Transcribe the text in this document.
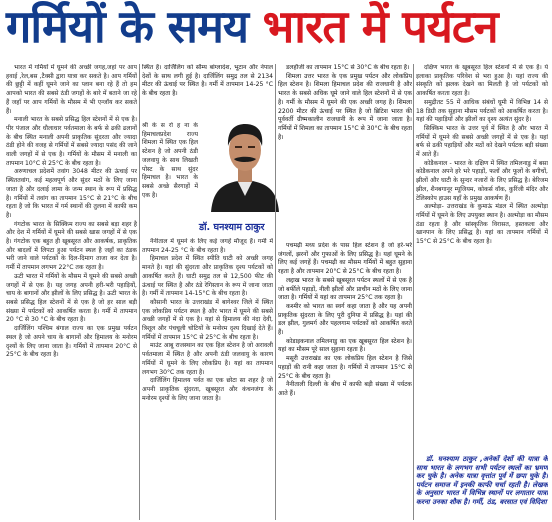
गर्मियों के समय भारत में पर्यटन

भारत में गर्मियों में घूमने की अच्छी जगह,जहां पर आप हवाई ,रेल,बस ,टैक्सी द्वारा यात्रा कर सकते है। आप गर्मियों की छुट्टी में कहीं घूमने जाने का प्लान बना रहे हैं तो हम आपको भारत की सबसे ठंडी जगहों के बारे में बताने जा रहे हैं जहाँ पर आप गर्मियों के मौसम में भी एन्जॉय कर सकते हैं।

मनाली भारत के सबसे प्रसिद्ध हिल स्टेशनों में से एक है। पीर पंजाल और धौलाधार पर्वतमाला के बर्फ से ढकी ढलानों के बीच स्थित मनाली अपनी प्राकृतिक सुंदरता और ज्यादा ठंडी होने की वजह से गर्मियों में सबसे ज्यादा पसंद की जाने वाली जगहों में से एक है। गर्मियों के मौसम में मनाली का तापमान 10°C से 25°C के बीच रहता है।

अरुणाचल प्रदेशमें तवांग 3048 मीटर की ऊंचाई पर स्थिततवांग, कई महत्वपूर्ण और सुंदर मठों के लिए जाना जाता है और दलाई लामा के जन्म स्थान के रूप में प्रसिद्ध है। गर्मियों में तवांग का तापमान 15°C से 21°C के बीच रहता है जो कि भारत में गर्म स्थानों की तुलना में काफी कम है।

गंगटोक भारत के सिक्किम राज्य का सबसे बड़ा शहर है और देश में गर्मियों में घूमने की सबसे खास जगहों में से एक है। गंगटोक एक बहुत ही खूबसूरत और आकर्षक, प्राकृतिक और बादलों में लिपटा हुआ पर्यटन स्थल है जहाँ का ठंडक भरी जाने वाले पर्यटकों के दिल-दिमाग ताजा कर देता है। गर्मी में तापमान लगभग 22°C तक रहता है।

ऊटी भारत में गर्मियों के मौसम में घूमने की सबसे अच्छी जगहों में से एक है। यह जगह अपनी हरी-भरी पहाड़ियों, चाय के बागानों और झीलों के लिए प्रसिद्ध है। ऊटी भारत के सबसे प्रसिद्ध हिल स्टेशनों में से एक है जो हर साल बड़ी संख्या में पर्यटकों को आकर्षित करता है। गर्मी में तापमान 20 °C से 30 °C के बीच रहता है।

दार्जिलिंग पश्चिम बंगाल राज्य का एक प्रमुख पर्यटन स्थल है जो अपने चाय के बागानों और हिमालय के मनोरम दृश्यों के लिए जाना जाता है। गर्मियों में तापमान 20°C से 25°C के बीच रहता है।

स्थित है। दार्जिलिंग को सौम्य बांग्लादेश, भूटान और नेपाल देशों के साथ लगी हुई है। दार्जिलिंग समुद्र तल से 2134 मीटर की ऊंचाई पर स्थित है। गर्मी में तापमान 14-25 °C के बीच रहता है।

श्री के स रो ह ना के हिमाचलप्रदेश राज्य शिमला में स्थित एक हिल स्टेशन है जो अपनी ठंडी जलवायु के साथ लिखती पोस्ट के साथ सुंदर हिमाचल है। भारत के सबसे अच्छे सैरगाहों में एक है।

डॉ. घनश्याम ठाकुर

नैनीताल में घूमने के लिए कई जगहें मौजूद हैं। गर्मी में तापमान 24-25 °C के बीच रहता है।

हिमाचल प्रदेश में स्थित स्पीति घाटी को अच्छी जगह मानते है। यहां की सुंदरता और प्राकृतिक दृश्य पर्यटकों को आकर्षित करते हैं। घाटी समुद्र तल से 12,500 फीट की ऊंचाई पर स्थित है और ठंडे रेगिस्तान के रूप में जाना जाता है। गर्मी में तापमान 14-15°C के बीच रहता है।

कौसानी भारत के उत्तराखंड में बागेश्वर जिले में स्थित एक लोकप्रिय पर्यटन स्थल है और भारत में घूमने की सबसे अच्छी जगहों में से एक है। यहां से हिमालय की नंदा देवी, त्रिशूल और पंचचूली चोटियों के मनोरम दृश्य दिखाई देते हैं। गर्मियों में तापमान 15°C से 25°C के बीच रहता है।

माउंट आबू राजस्थान का एक हिल स्टेशन है जो अरावली पर्वतमाला में स्थित है और अपनी ठंडी जलवायु के कारण गर्मियों में घूमने के लिए लोकप्रिय है। यहां का तापमान लगभग 30°C तक रहता है।

दार्जिलिंग हिमालय पर्वत का एक छोटा सा शहर है जो अपनी प्राकृतिक सुंदरता, खूबसूरत और कंचनजंगा के मनोरम दृश्यों के लिए जाना जाता है।

डलहौजी का तापमान 15°C से 30°C के बीच रहता है।

शिमला उत्तर भारत के एक प्रमुख पर्यटन और लोकप्रिय हिल स्टेशन है। शिमला हिमाचल प्रदेश की राजधानी है और भारत के सबसे अधिक घूमे जाने वाले हिल स्टेशनों में से एक है। गर्मी के मौसम में घूमने की एक अच्छी जगह है। शिमला 2200 मीटर की ऊंचाई पर स्थित है जो ब्रिटिश भारत की पूर्ववर्ती ग्रीष्मकालीन राजधानी के रूप में जाना जाता है। गर्मियों में शिमला का तापमान 15°C से 30°C के बीच रहता है।

पचमढ़ी मध्य प्रदेश के पास हिल स्टेशन है जो हरे-भरे जंगलों, झरनों और गुफाओं के लिए प्रसिद्ध है। यहां घूमने के लिए कई जगहें हैं। पचमढ़ी का मौसम गर्मियों में बहुत सुहाना रहता है और तापमान 20°C से 25°C के बीच रहता है।

लद्दाख भारत के सबसे खूबसूरत पर्यटन स्थलों में से एक है जो बर्फीले पहाड़ों, नीली झीलों और प्राचीन मठों के लिए जाना जाता है। गर्मियों में यहां का तापमान 25°C तक रहता है।

कश्मीर को भारत का स्वर्ग कहा जाता है और यह अपनी प्राकृतिक सुंदरता के लिए पूरी दुनिया में प्रसिद्ध है। यहां की डल झील, गुलमर्ग और पहलगाम पर्यटकों को आकर्षित करते हैं।

कोडाइकनाल तमिलनाडु का एक खूबसूरत हिल स्टेशन है। यहां का मौसम पूरे साल सुहाना रहता है।

मसूरी उत्तराखंड का एक लोकप्रिय हिल स्टेशन है जिसे पहाड़ों की रानी कहा जाता है। गर्मियों में तापमान 15°C से 25°C के बीच रहता है।

नैनीताली दिल्ली के बीच में काफी बड़ी संख्या में पर्यटक आते हैं।

दक्षिण भारत के खूबसूरत हिल स्टेशनों में से एक है। ये इलाका प्राकृतिक परिवेश से भरा हुआ है। यहां राज्य की संस्कृति को झलक देखने का मिलती है जो पर्यटकों को आकर्षित करता रहता है।

समुद्रीतट 55 में आधिक संबंधों घूमी में विभिन्न 14 से 18 डिग्री तक सुहाना मौसम पर्यटकों को आकर्षित करता है। यहां की पहाड़ियों और झीलों का दृश्य अत्यंत सुंदर है।

सिक्किम भारत के उत्तर पूर्व में स्थित है और भारत में गर्मियों में घूमने की सबसे अच्छी जगहों में से एक है। यहां बर्फ से ढकी पहाड़ियों और मठों को देखने पर्यटक बड़ी संख्या में आते हैं।

कोडैकनाल - भारत के दक्षिण में स्थित तमिलनाडु में बसा कोडैकनाल अपने हरे भरे पहाड़ों, फलों और फूलों के बगीचों, झीलों और घाटी के सुन्दर नजारों के लिए प्रसिद्ध है। बेरिजम झील, शैनबगानूर म्यूजियम, कोकर्स वॉक, कुरिंजी मंदिर और टेलिस्कोप हाउस यहाँ के प्रमुख आकर्षण हैं।

अल्मोड़ा- उत्तराखंड के कुमाऊं मंडल में स्थित अल्मोड़ा गर्मियों में घूमने के लिए उपयुक्त स्थान है। अल्मोड़ा का मौसम ठंडा रहता है और सांस्कृतिक विरासत, हस्तकला और खानपान के लिए प्रसिद्ध है। यहां का तापमान गर्मियों में 15°C से 25°C के बीच रहता है।

डॉ. घनश्याम ठाकुर ,अनेकों देशों की यात्रा के साथ भारत के लगभग सभी पर्यटन स्थलों का भ्रमण कर चुके है। अनेक यात्रा वृत्तांत पूर्व में छपा चुके है। पर्यटन समाज में इनकी काफी चर्चा रहती है। लेखक के अनुसार भारत में विभिन्न स्थानों पर लगातार यात्रा करना उनका शौक है। गर्मी, ठंड, बरसात एवं विदिशा
